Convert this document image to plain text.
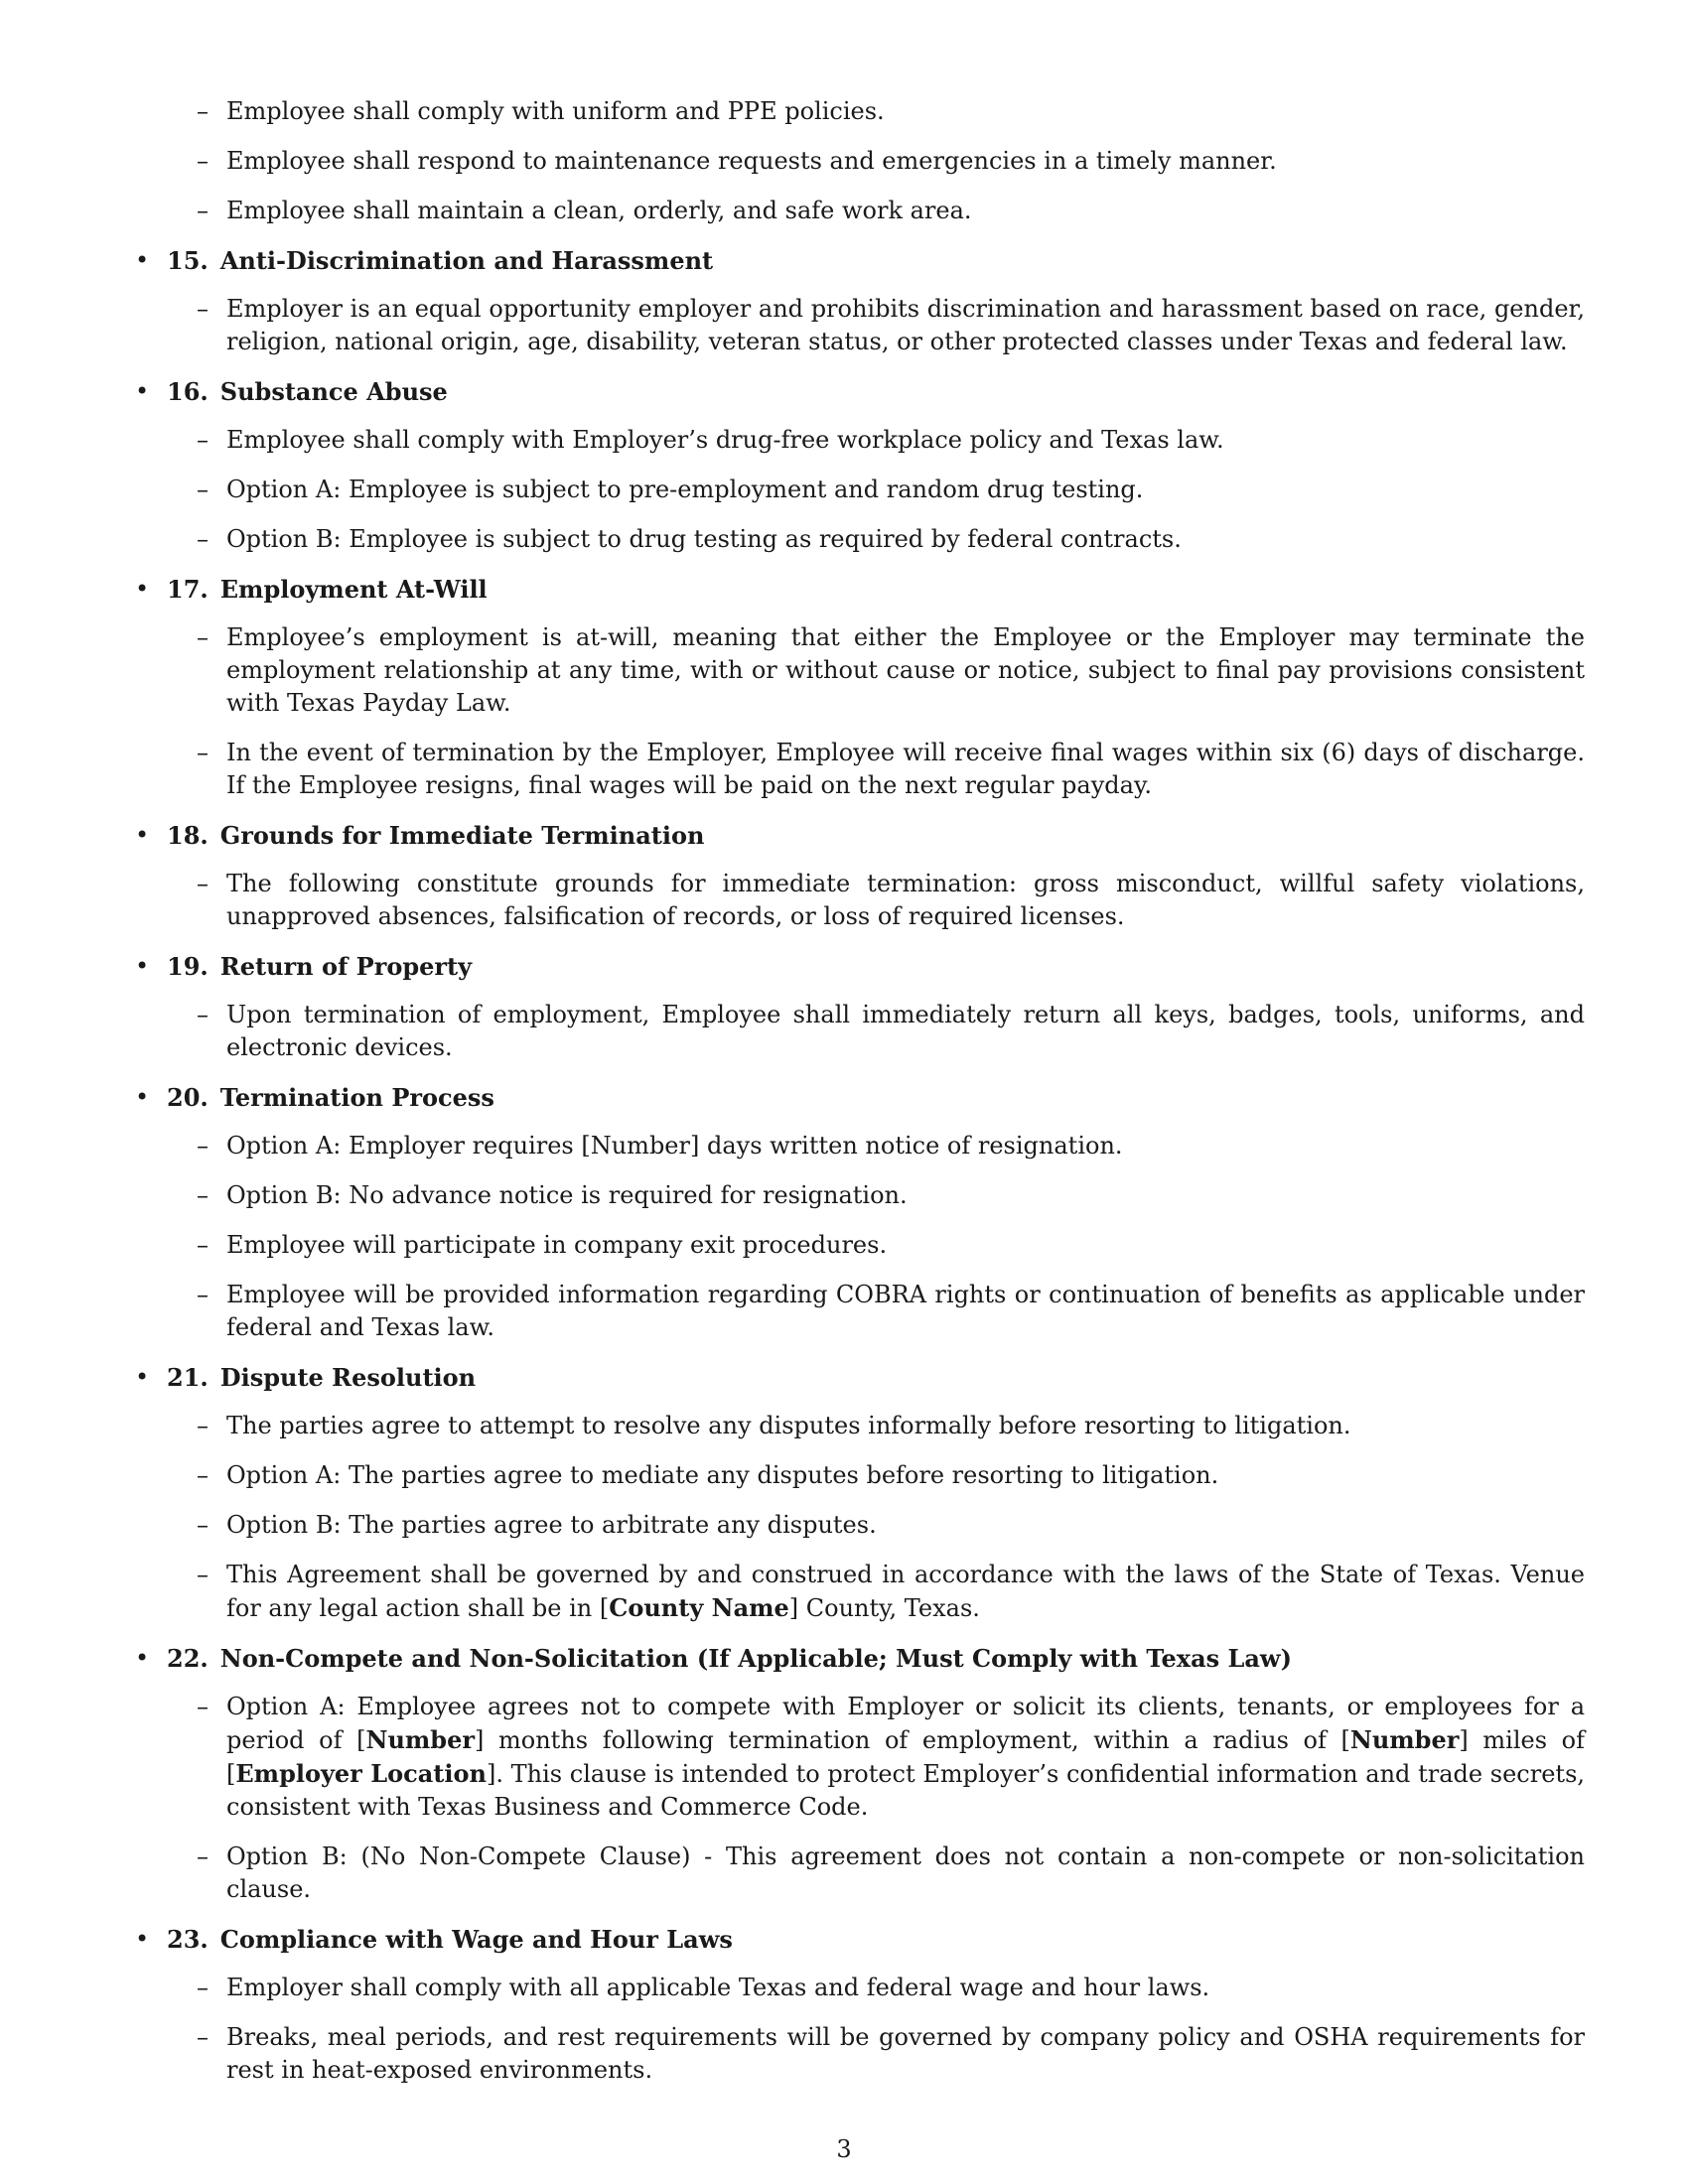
– Employee shall comply with uniform and PPE policies.
– Employee shall respond to maintenance requests and emergencies in a timely manner.
– Employee shall maintain a clean, orderly, and safe work area.
• 15. Anti-Discrimination and Harassment
– Employer is an equal opportunity employer and prohibits discrimination and harassment based on race, gender, religion, national origin, age, disability, veteran status, or other protected classes under Texas and federal law.
• 16. Substance Abuse
– Employee shall comply with Employer’s drug-free workplace policy and Texas law.
– Option A: Employee is subject to pre-employment and random drug testing.
– Option B: Employee is subject to drug testing as required by federal contracts.
• 17. Employment At-Will
– Employee’s employment is at-will, meaning that either the Employee or the Employer may terminate the employment relationship at any time, with or without cause or notice, subject to final pay provisions consistent with Texas Payday Law.
– In the event of termination by the Employer, Employee will receive final wages within six (6) days of discharge. If the Employee resigns, final wages will be paid on the next regular payday.
• 18. Grounds for Immediate Termination
– The following constitute grounds for immediate termination: gross misconduct, willful safety violations, unapproved absences, falsification of records, or loss of required licenses.
• 19. Return of Property
– Upon termination of employment, Employee shall immediately return all keys, badges, tools, uniforms, and electronic devices.
• 20. Termination Process
– Option A: Employer requires [Number] days written notice of resignation.
– Option B: No advance notice is required for resignation.
– Employee will participate in company exit procedures.
– Employee will be provided information regarding COBRA rights or continuation of benefits as applicable under federal and Texas law.
• 21. Dispute Resolution
– The parties agree to attempt to resolve any disputes informally before resorting to litigation.
– Option A: The parties agree to mediate any disputes before resorting to litigation.
– Option B: The parties agree to arbitrate any disputes.
– This Agreement shall be governed by and construed in accordance with the laws of the State of Texas. Venue for any legal action shall be in [County Name] County, Texas.
• 22. Non-Compete and Non-Solicitation (If Applicable; Must Comply with Texas Law)
– Option A: Employee agrees not to compete with Employer or solicit its clients, tenants, or employees for a period of [Number] months following termination of employment, within a radius of [Number] miles of [Employer Location]. This clause is intended to protect Employer’s confidential information and trade secrets, consistent with Texas Business and Commerce Code.
– Option B: (No Non-Compete Clause) - This agreement does not contain a non-compete or non-solicitation clause.
• 23. Compliance with Wage and Hour Laws
– Employer shall comply with all applicable Texas and federal wage and hour laws.
– Breaks, meal periods, and rest requirements will be governed by company policy and OSHA requirements for rest in heat-exposed environments.
3
